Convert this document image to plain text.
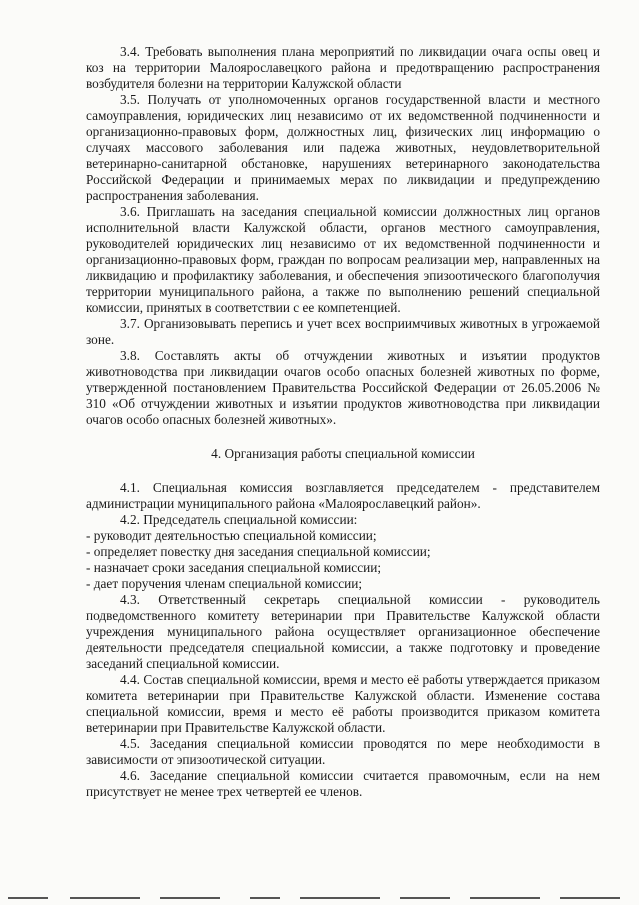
3.4. Требовать выполнения плана мероприятий по ликвидации очага оспы овец и коз на территории Малоярославецкого района и предотвращению распространения возбудителя болезни на территории Калужской области

3.5. Получать от уполномоченных органов государственной власти и местного самоуправления, юридических лиц независимо от их ведомственной подчиненности и организационно-правовых форм, должностных лиц, физических лиц информацию о случаях массового заболевания или падежа животных, неудовлетворительной ветеринарно-санитарной обстановке, нарушениях ветеринарного законодательства Российской Федерации и принимаемых мерах по ликвидации и предупреждению распространения заболевания.

3.6. Приглашать на заседания специальной комиссии должностных лиц органов исполнительной власти Калужской области, органов местного самоуправления, руководителей юридических лиц независимо от их ведомственной подчиненности и организационно-правовых форм, граждан по вопросам реализации мер, направленных на ликвидацию и профилактику заболевания, и обеспечения эпизоотического благополучия территории муниципального района, а также по выполнению решений специальной комиссии, принятых в соответствии с ее компетенцией.

3.7. Организовывать перепись и учет всех восприимчивых животных в угрожаемой зоне.

3.8. Составлять акты об отчуждении животных и изъятии продуктов животноводства при ликвидации очагов особо опасных болезней животных по форме, утвержденной постановлением Правительства Российской Федерации от 26.05.2006 № 310 «Об отчуждении животных и изъятии продуктов животноводства при ликвидации очагов особо опасных болезней животных».

4. Организация работы специальной комиссии

4.1. Специальная комиссия возглавляется председателем - представителем администрации муниципального района «Малоярославецкий район».

4.2. Председатель специальной комиссии:

- руководит деятельностью специальной комиссии;

- определяет повестку дня заседания специальной комиссии;

- назначает сроки заседания специальной комиссии;

- дает поручения членам специальной комиссии;

4.3. Ответственный секретарь специальной комиссии - руководитель подведомственного комитету ветеринарии при Правительстве Калужской области учреждения муниципального района осуществляет организационное обеспечение деятельности председателя специальной комиссии, а также подготовку и проведение заседаний специальной комиссии.

4.4. Состав специальной комиссии, время и место её работы утверждается приказом комитета ветеринарии при Правительстве Калужской области. Изменение состава специальной комиссии, время и место её работы производится приказом комитета ветеринарии при Правительстве Калужской области.

4.5. Заседания специальной комиссии проводятся по мере необходимости в зависимости от эпизоотической ситуации.

4.6. Заседание специальной комиссии считается правомочным, если на нем присутствует не менее трех четвертей ее членов.
